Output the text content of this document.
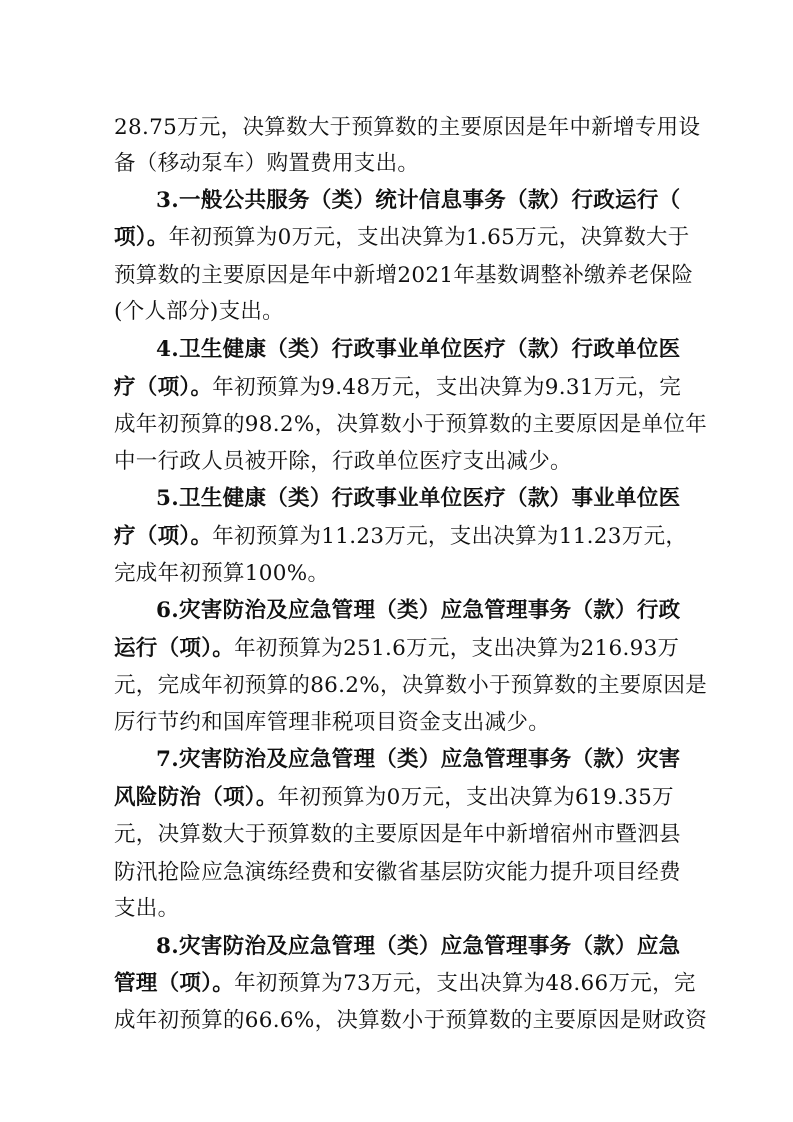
28.75万元，决算数大于预算数的主要原因是年中新增专用设
备（移动泵车）购置费用支出。
3.一般公共服务（类）统计信息事务（款）行政运行（
项）。年初预算为0万元，支出决算为1.65万元，决算数大于
预算数的主要原因是年中新增2021年基数调整补缴养老保险
(个人部分)支出。
4.卫生健康（类）行政事业单位医疗（款）行政单位医
疗（项）。年初预算为9.48万元，支出决算为9.31万元，完
成年初预算的98.2%，决算数小于预算数的主要原因是单位年
中一行政人员被开除，行政单位医疗支出减少。
5.卫生健康（类）行政事业单位医疗（款）事业单位医
疗（项）。年初预算为11.23万元，支出决算为11.23万元，
完成年初预算100%。
6.灾害防治及应急管理（类）应急管理事务（款）行政
运行（项）。年初预算为251.6万元，支出决算为216.93万
元，完成年初预算的86.2%，决算数小于预算数的主要原因是
厉行节约和国库管理非税项目资金支出减少。
7.灾害防治及应急管理（类）应急管理事务（款）灾害
风险防治（项）。年初预算为0万元，支出决算为619.35万
元，决算数大于预算数的主要原因是年中新增宿州市暨泗县
防汛抢险应急演练经费和安徽省基层防灾能力提升项目经费
支出。
8.灾害防治及应急管理（类）应急管理事务（款）应急
管理（项）。年初预算为73万元，支出决算为48.66万元，完
成年初预算的66.6%，决算数小于预算数的主要原因是财政资
